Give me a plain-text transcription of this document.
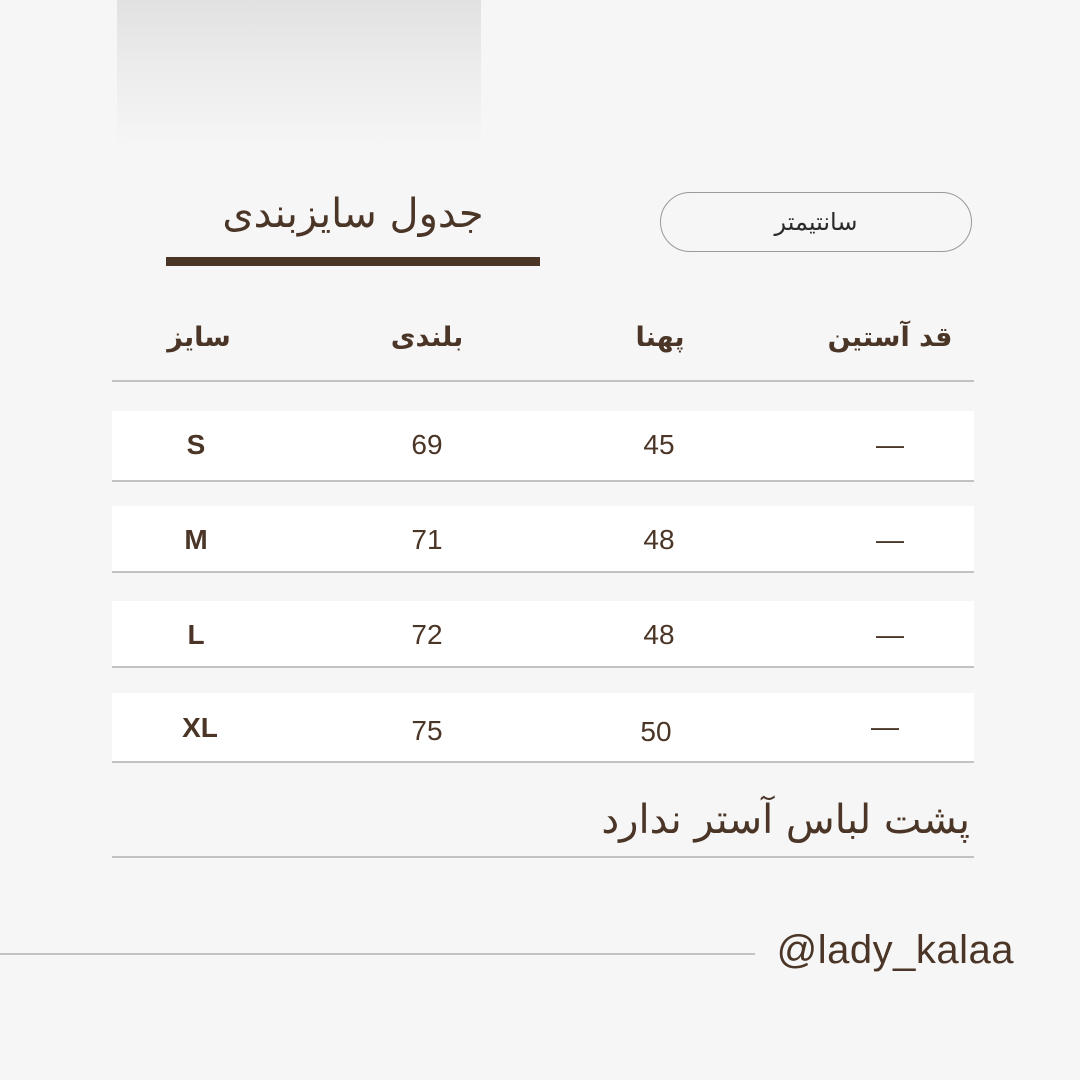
جدول سایزبندی	سانتیمتر
سایز	بلندی	پهنا	قد آستین
S	69	45	—
M	71	48	—
L	72	48	—
XL	75	50	—
پشت لباس آستر ندارد
@lady_kalaa
